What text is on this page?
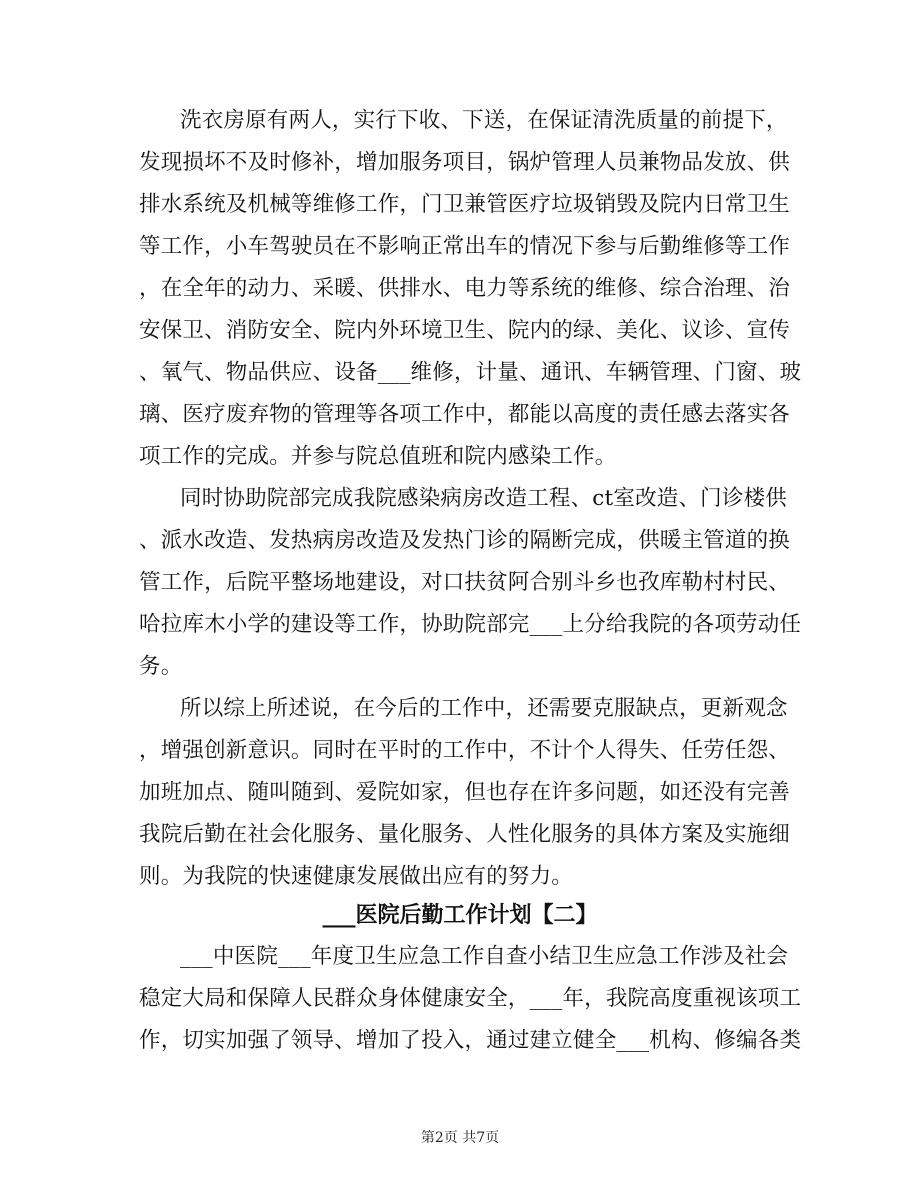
洗衣房原有两人，实行下收、下送，在保证清洗质量的前提下，
发现损坏不及时修补，增加服务项目，锅炉管理人员兼物品发放、供
排水系统及机械等维修工作，门卫兼管医疗垃圾销毁及院内日常卫生
等工作，小车驾驶员在不影响正常出车的情况下参与后勤维修等工作
，在全年的动力、采暖、供排水、电力等系统的维修、综合治理、治
安保卫、消防安全、院内外环境卫生、院内的绿、美化、议诊、宣传
、氧气、物品供应、设备___维修，计量、通讯、车辆管理、门窗、玻
璃、医疗废弃物的管理等各项工作中，都能以高度的责任感去落实各
项工作的完成。并参与院总值班和院内感染工作。
同时协助院部完成我院感染病房改造工程、ct室改造、门诊楼供
、派水改造、发热病房改造及发热门诊的隔断完成，供暖主管道的换
管工作，后院平整场地建设，对口扶贫阿合别斗乡也孜库勒村村民、
哈拉库木小学的建设等工作，协助院部完___上分给我院的各项劳动任
务。
所以综上所述说，在今后的工作中，还需要克服缺点，更新观念
，增强创新意识。同时在平时的工作中，不计个人得失、任劳任怨、
加班加点、随叫随到、爱院如家，但也存在许多问题，如还没有完善
我院后勤在社会化服务、量化服务、人性化服务的具体方案及实施细
则。为我院的快速健康发展做出应有的努力。
___医院后勤工作计划【二】
___中医院___年度卫生应急工作自查小结卫生应急工作涉及社会
稳定大局和保障人民群众身体健康安全，___年，我院高度重视该项工
作，切实加强了领导、增加了投入，通过建立健全___机构、修编各类
第2页 共7页
